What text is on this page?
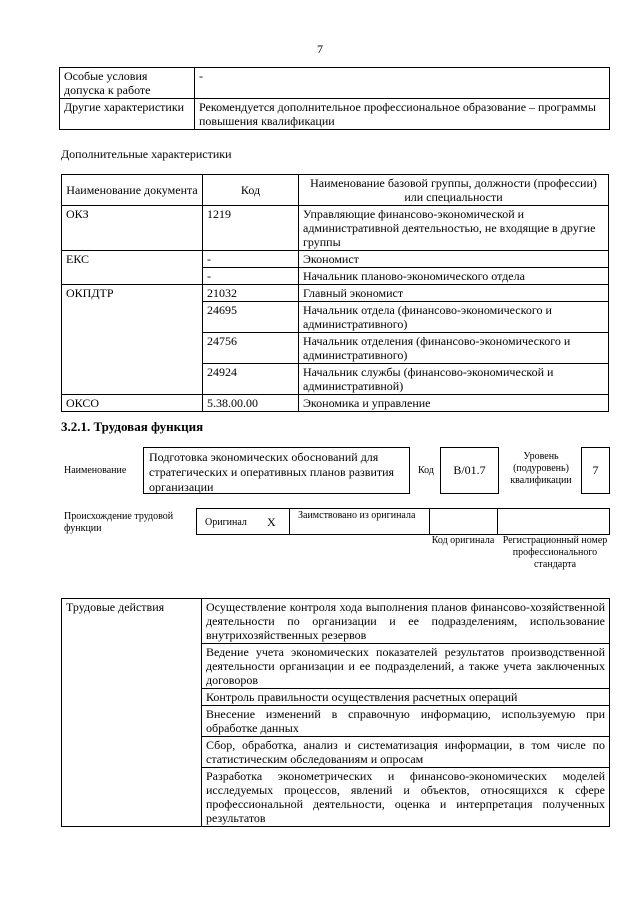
7
Особые условия допуска к работе	-
Другие характеристики	Рекомендуется дополнительное профессиональное образование – программы повышения квалификации
Дополнительные характеристики
Наименование документа	Код	Наименование базовой группы, должности (профессии) или специальности
ОКЗ	1219	Управляющие финансово-экономической и административной деятельностью, не входящие в другие группы
ЕКС	-	Экономист
	-	Начальник планово-экономического отдела
ОКПДТР	21032	Главный экономист
	24695	Начальник отдела (финансово-экономического и административного)
	24756	Начальник отделения (финансово-экономического и административного)
	24924	Начальник службы (финансово-экономической и административной)
ОКСО	5.38.00.00	Экономика и управление
3.2.1. Трудовая функция
Наименование
Подготовка экономических обоснований для стратегических и оперативных планов развития организации
Код	В/01.7
Уровень (подуровень) квалификации
7
Происхождение трудовой функции
Оригинал X Заимствовано из оригинала
Код оригинала Регистрационный номер профессионального стандарта
Трудовые действия	Осуществление контроля хода выполнения планов финансово-хозяйственной деятельности по организации и ее подразделениям, использование внутрихозяйственных резервов
Ведение учета экономических показателей результатов производственной деятельности организации и ее подразделений, а также учета заключенных договоров
Контроль правильности осуществления расчетных операций
Внесение изменений в справочную информацию, используемую при обработке данных
Сбор, обработка, анализ и систематизация информации, в том числе по статистическим обследованиям и опросам
Разработка эконометрических и финансово-экономических моделей исследуемых процессов, явлений и объектов, относящихся к сфере профессиональной деятельности, оценка и интерпретация полученных результатов
